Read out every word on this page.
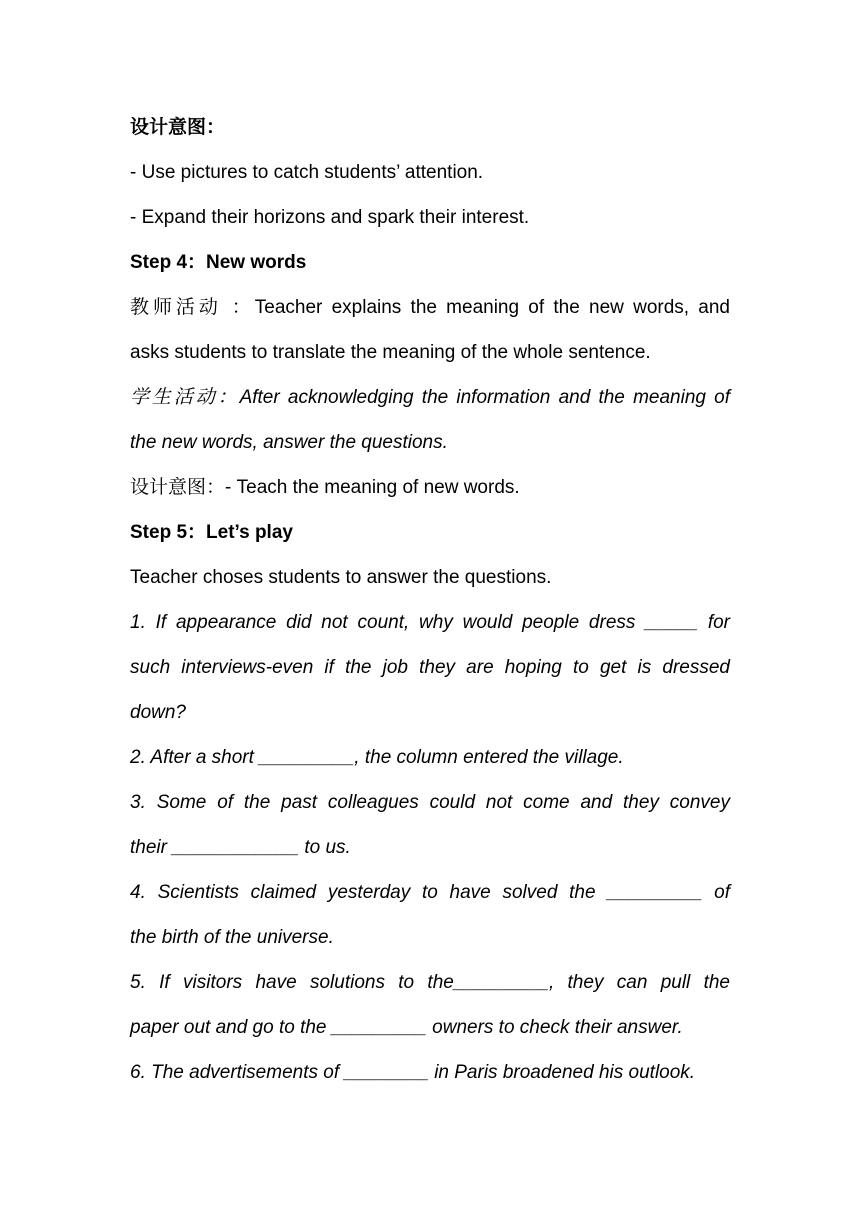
设计意图：
- Use pictures to catch students’ attention.
- Expand their horizons and spark their interest.
Step 4：New words
教师活动 ：Teacher explains the meaning of the new words, and
asks students to translate the meaning of the whole sentence.
学生活动：After acknowledging the information and the meaning of
the new words, answer the questions.
设计意图：- Teach the meaning of new words.
Step 5：Let’s play
Teacher choses students to answer the questions.
1. If appearance did not count, why would people dress _____ for
such interviews-even if the job they are hoping to get is dressed
down?
2. After a short _________, the column entered the village.
3. Some of the past colleagues could not come and they convey
their ____________ to us.
4. Scientists claimed yesterday to have solved the _________ of
the birth of the universe.
5. If visitors have solutions to the_________, they can pull the
paper out and go to the _________ owners to check their answer.
6. The advertisements of ________ in Paris broadened his outlook.
